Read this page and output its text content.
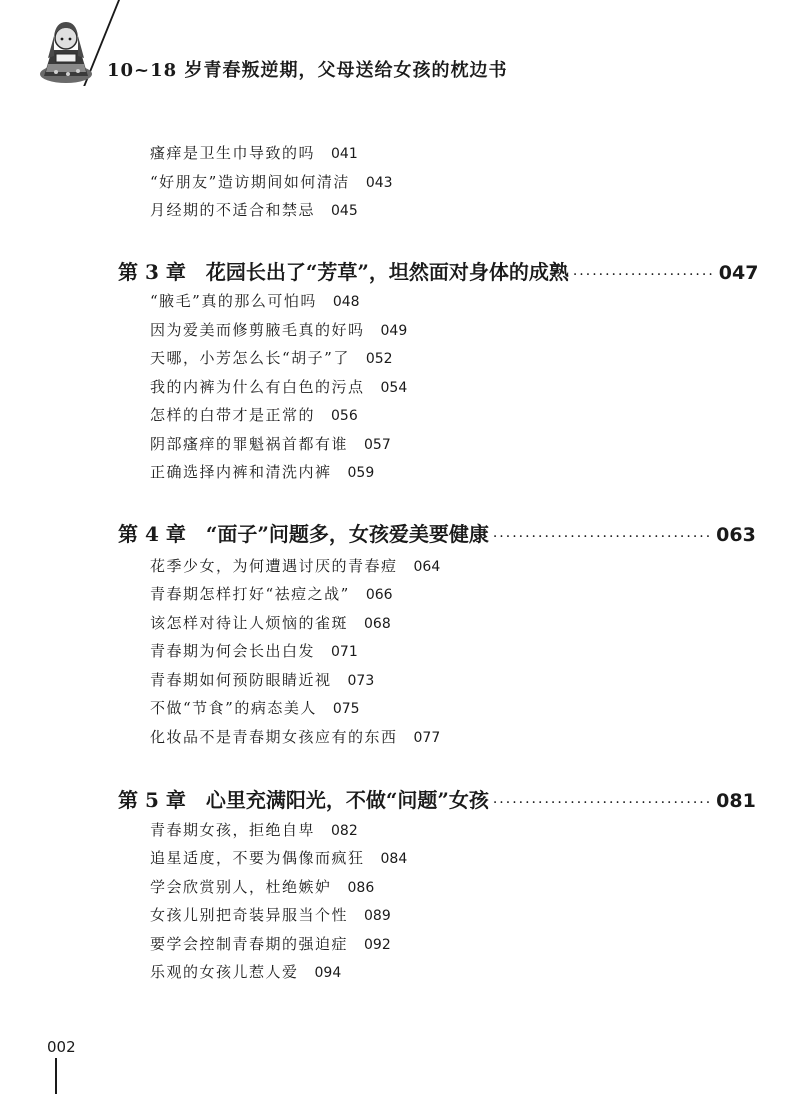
10~18 岁青春叛逆期，父母送给女孩的枕边书
瘙痒是卫生巾导致的吗 041
“好朋友”造访期间如何清洁 043
月经期的不适合和禁忌 045
第 3 章 花园长出了“芳草”，坦然面对身体的成熟 ······················ 047
“腋毛”真的那么可怕吗 048
因为爱美而修剪腋毛真的好吗 049
天哪，小芳怎么长“胡子”了 052
我的内裤为什么有白色的污点 054
怎样的白带才是正常的 056
阴部瘙痒的罪魁祸首都有谁 057
正确选择内裤和清洗内裤 059
第 4 章 “面子”问题多，女孩爱美要健康 ·································· 063
花季少女，为何遭遇讨厌的青春痘 064
青春期怎样打好“祛痘之战” 066
该怎样对待让人烦恼的雀斑 068
青春期为何会长出白发 071
青春期如何预防眼睛近视 073
不做“节食”的病态美人 075
化妆品不是青春期女孩应有的东西 077
第 5 章 心里充满阳光，不做“问题”女孩 ·································· 081
青春期女孩，拒绝自卑 082
追星适度，不要为偶像而疯狂 084
学会欣赏别人，杜绝嫉妒 086
女孩儿别把奇装异服当个性 089
要学会控制青春期的强迫症 092
乐观的女孩儿惹人爱 094
002
